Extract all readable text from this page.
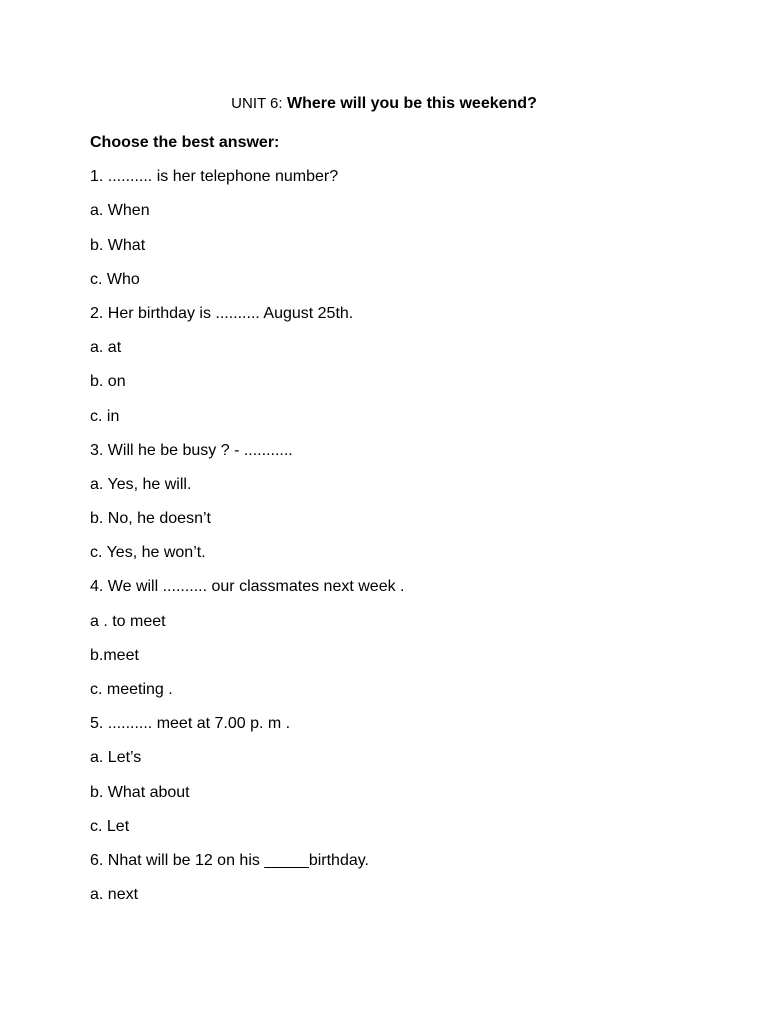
UNIT 6: Where will you be this weekend?
Choose the best answer:
1. .......... is her telephone number?
a. When
b. What
c. Who
2. Her birthday is .......... August 25th.
a. at
b. on
c. in
3. Will he be busy ? - ...........
a. Yes, he will.
b. No, he doesn’t
c. Yes, he won’t.
4. We will .......... our classmates next week .
a . to meet
b.meet
c. meeting .
5. .......... meet at 7.00 p. m .
a. Let’s
b. What about
c. Let
6. Nhat will be 12 on his _____birthday.
a. next
